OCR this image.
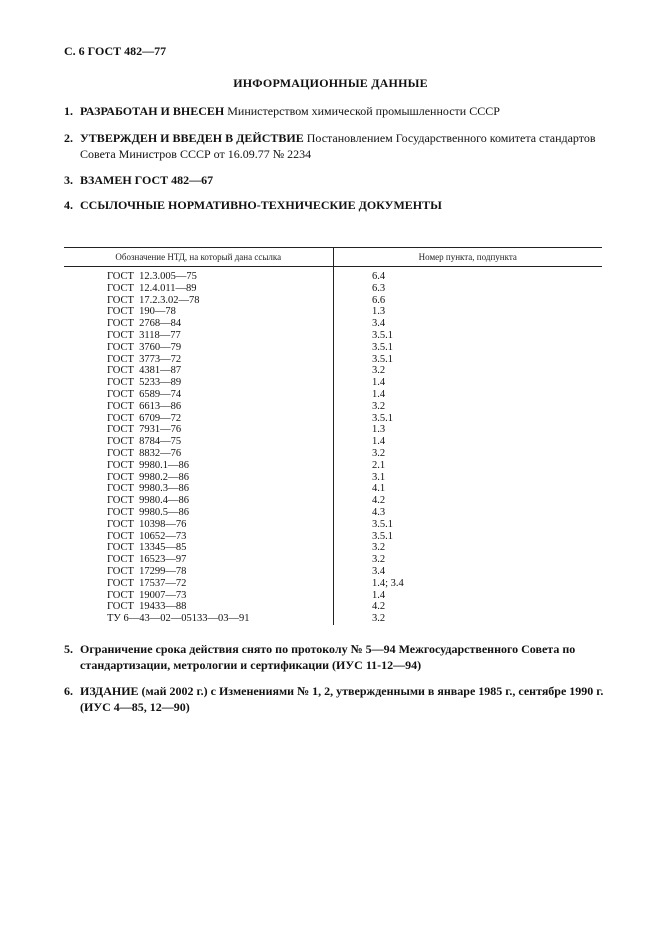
С. 6 ГОСТ 482—77
ИНФОРМАЦИОННЫЕ ДАННЫЕ
1. РАЗРАБОТАН И ВНЕСЕН Министерством химической промышленности СССР
2. УТВЕРЖДЕН И ВВЕДЕН В ДЕЙСТВИЕ Постановлением Государственного комитета стандартов Совета Министров СССР от 16.09.77 № 2234
3. ВЗАМЕН ГОСТ 482—67
4. ССЫЛОЧНЫЕ НОРМАТИВНО-ТЕХНИЧЕСКИЕ ДОКУМЕНТЫ
Обозначение НТД, на который дана ссылка	Номер пункта, подпункта
ГОСТ  12.3.005—75	6.4
ГОСТ  12.4.011—89	6.3
ГОСТ  17.2.3.02—78	6.6
ГОСТ  190—78	1.3
ГОСТ  2768—84	3.4
ГОСТ  3118—77	3.5.1
ГОСТ  3760—79	3.5.1
ГОСТ  3773—72	3.5.1
ГОСТ  4381—87	3.2
ГОСТ  5233—89	1.4
ГОСТ  6589—74	1.4
ГОСТ  6613—86	3.2
ГОСТ  6709—72	3.5.1
ГОСТ  7931—76	1.3
ГОСТ  8784—75	1.4
ГОСТ  8832—76	3.2
ГОСТ  9980.1—86	2.1
ГОСТ  9980.2—86	3.1
ГОСТ  9980.3—86	4.1
ГОСТ  9980.4—86	4.2
ГОСТ  9980.5—86	4.3
ГОСТ  10398—76	3.5.1
ГОСТ  10652—73	3.5.1
ГОСТ  13345—85	3.2
ГОСТ  16523—97	3.2
ГОСТ  17299—78	3.4
ГОСТ  17537—72	1.4; 3.4
ГОСТ  19007—73	1.4
ГОСТ  19433—88	4.2
ТУ 6—43—02—05133—03—91	3.2
5. Ограничение срока действия снято по протоколу № 5—94 Межгосударственного Совета по стандартизации, метрологии и сертификации (ИУС 11-12—94)
6. ИЗДАНИЕ (май 2002 г.) с Изменениями № 1, 2, утвержденными в январе 1985 г., сентябре 1990 г. (ИУС 4—85, 12—90)
